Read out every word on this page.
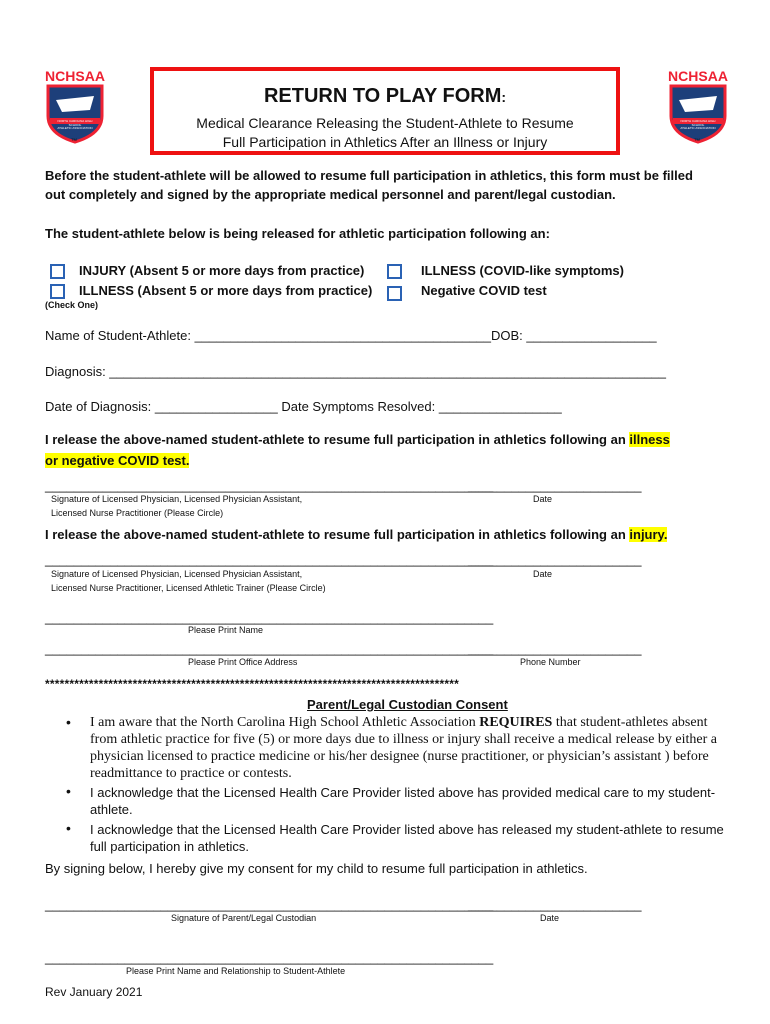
NCHSAA
NORTH CAROLINA HIGH SCHOOL
ATHLETIC ASSOCIATION
TM
NCHSAA
NORTH CAROLINA HIGH SCHOOL
ATHLETIC ASSOCIATION
TM
RETURN TO PLAY FORM:
Medical Clearance Releasing the Student-Athlete to Resume
Full Participation in Athletics After an Illness or Injury
Before the student-athlete will be allowed to resume full participation in athletics, this form must be filled
out completely and signed by the appropriate medical personnel and parent/legal custodian.
The student-athlete below is being released for athletic participation following an:
INJURY (Absent 5 or more days from practice)
ILLNESS (Absent 5 or more days from practice)
(Check One)
ILLNESS (COVID-like symptoms)
Negative COVID test
Name of Student-Athlete: _________________________________________DOB: __________________
Diagnosis: _____________________________________________________________________________
Date of Diagnosis: _________________ Date Symptoms Resolved: _________________
I release the above-named student-athlete to resume full participation in athletics following an illness
or negative COVID test.
______________________________________________________________
________________________
Signature of Licensed Physician, Licensed Physician Assistant,
Licensed Nurse Practitioner (Please Circle)
Date
I release the above-named student-athlete to resume full participation in athletics following an injury.
______________________________________________________________
________________________
Signature of Licensed Physician, Licensed Physician Assistant,
Licensed Nurse Practitioner, Licensed Athletic Trainer (Please Circle)
Date
______________________________________________________________
Please Print Name
______________________________________________________________
________________________
Please Print Office Address	Phone Number
*************************************************************************************
Parent/Legal Custodian Consent
• I am aware that the North Carolina High School Athletic Association REQUIRES that student-athletes absent
from athletic practice for five (5) or more days due to illness or injury shall receive a medical release by either a
physician licensed to practice medicine or his/her designee (nurse practitioner, or physician’s assistant ) before
readmittance to practice or contests.
• I acknowledge that the Licensed Health Care Provider listed above has provided medical care to my student-
athlete.
• I acknowledge that the Licensed Health Care Provider listed above has released my student-athlete to resume
full participation in athletics.
By signing below, I hereby give my consent for my child to resume full participation in athletics.
______________________________________________________________
________________________
Signature of Parent/Legal Custodian	Date
______________________________________________________________
Please Print Name and Relationship to Student-Athlete
Rev January 2021
